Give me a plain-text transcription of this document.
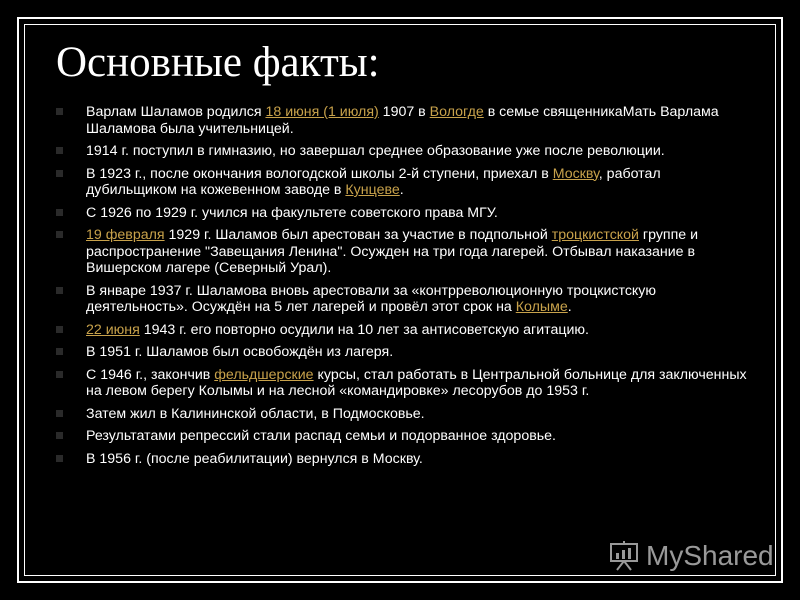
Основные факты:
Варлам Шаламов родился 18 июня (1 июля) 1907 в Вологде в семье священникаМать Варлама Шаламова была учительницей.
1914 г. поступил в гимназию, но завершал среднее образование уже после революции.
В 1923 г., после окончания вологодской школы 2-й ступени, приехал в Москву, работал дубильщиком на кожевенном заводе в Кунцеве.
С 1926 по 1929 г. учился на факультете советского права МГУ.
19 февраля 1929 г. Шаламов был арестован за участие в подпольной троцкистской группе и распространение "Завещания Ленина". Осужден на три года лагерей. Отбывал наказание в Вишерском лагере (Северный Урал).
В январе 1937 г. Шаламова вновь арестовали за «контрреволюционную троцкистскую деятельность». Осуждён на 5 лет лагерей и провёл этот срок на Колыме.
22 июня 1943 г. его повторно осудили на 10 лет за антисоветскую агитацию.
В 1951 г. Шаламов был освобождён из лагеря.
С 1946 г., закончив фельдшерские курсы, стал работать в Центральной больнице для заключенных на левом берегу Колымы и на лесной «командировке» лесорубов до 1953 г.
Затем жил в Калининской области, в Подмосковье.
Результатами репрессий стали распад семьи и подорванное здоровье.
В 1956 г. (после реабилитации) вернулся в Москву.
MyShared
